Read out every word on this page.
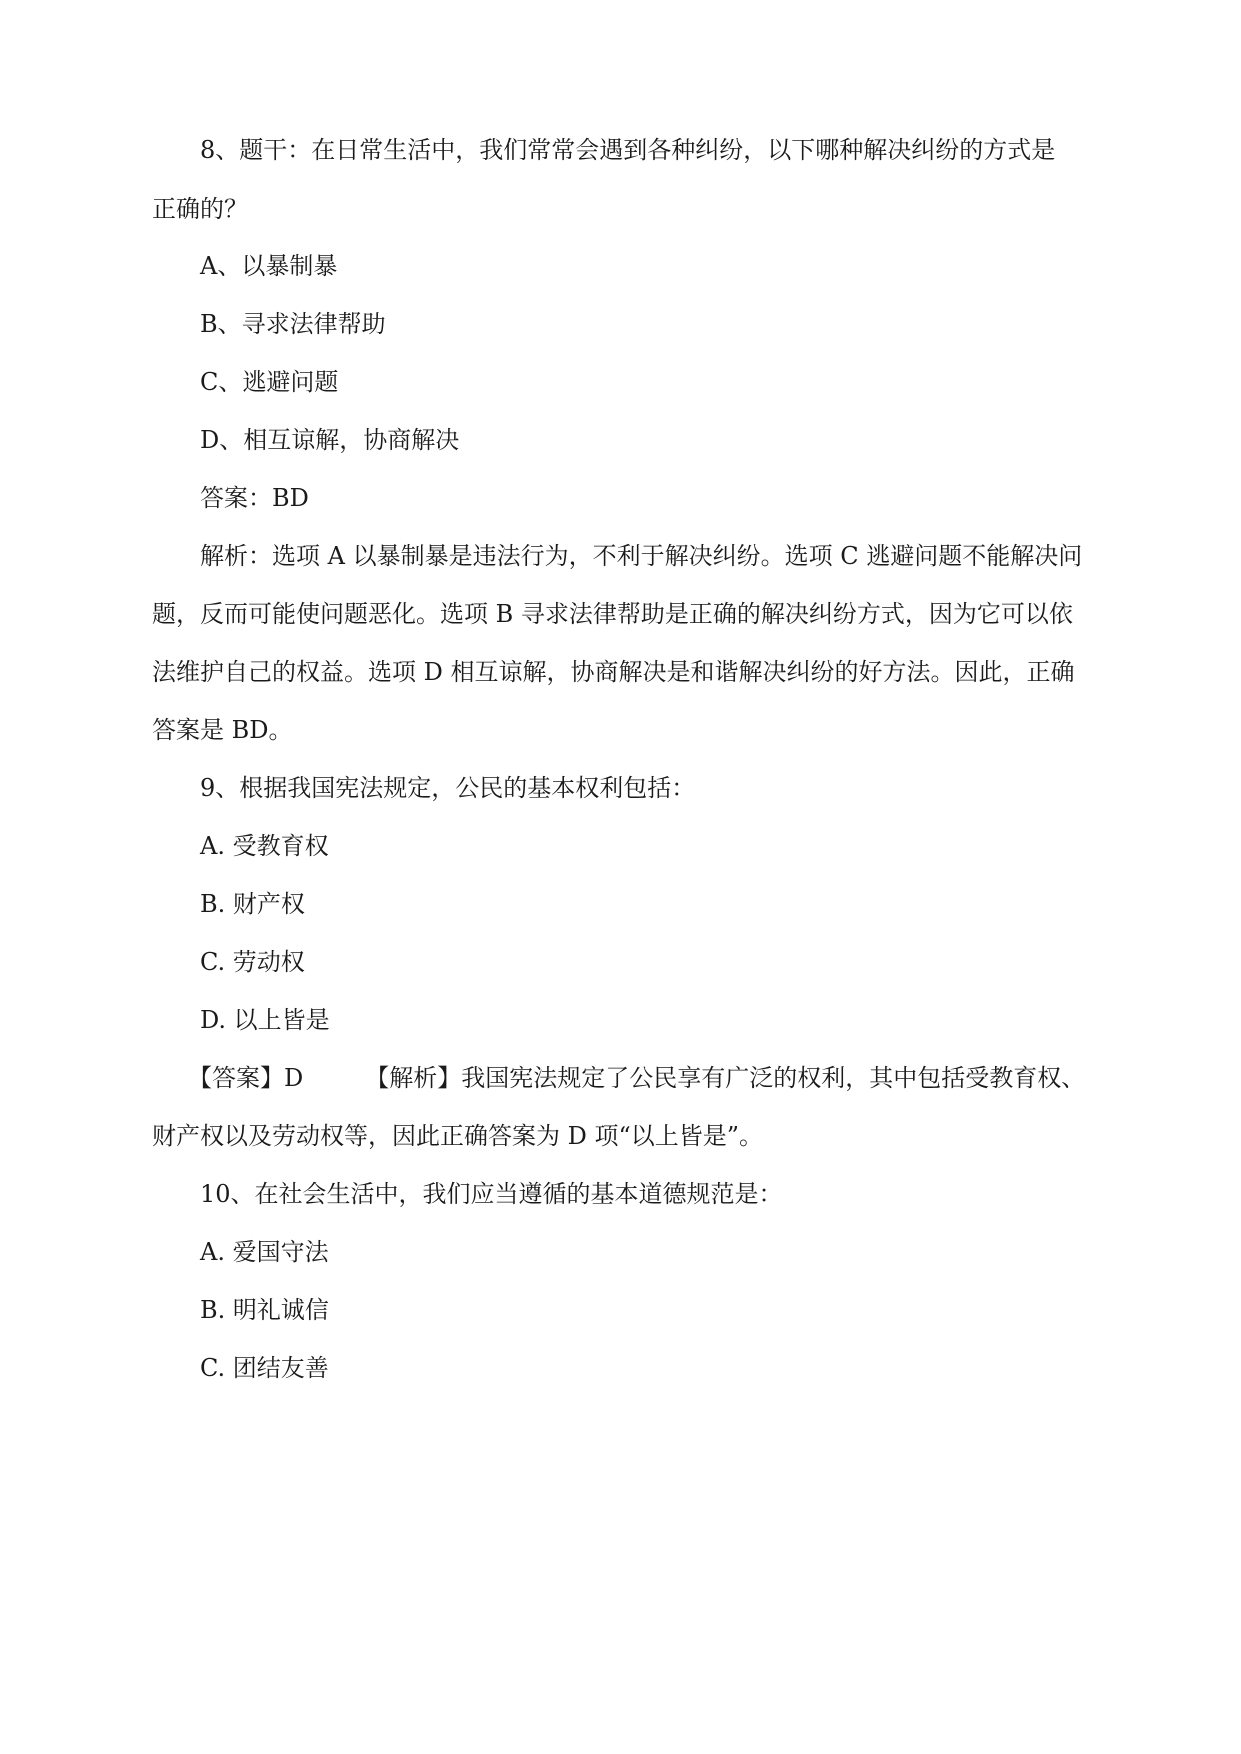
8、题干：在日常生活中，我们常常会遇到各种纠纷，以下哪种解决纠纷的方式是
正确的？
A、以暴制暴
B、寻求法律帮助
C、逃避问题
D、相互谅解，协商解决
答案：BD
解析：选项 A 以暴制暴是违法行为，不利于解决纠纷。选项 C 逃避问题不能解决问
题，反而可能使问题恶化。选项 B 寻求法律帮助是正确的解决纠纷方式，因为它可以依
法维护自己的权益。选项 D 相互谅解，协商解决是和谐解决纠纷的好方法。因此，正确
答案是 BD。
9、根据我国宪法规定，公民的基本权利包括：
A. 受教育权
B. 财产权
C. 劳动权
D. 以上皆是
【答案】D	【解析】我国宪法规定了公民享有广泛的权利，其中包括受教育权、
财产权以及劳动权等，因此正确答案为 D 项“以上皆是”。
10、在社会生活中，我们应当遵循的基本道德规范是：
A. 爱国守法
B. 明礼诚信
C. 团结友善
